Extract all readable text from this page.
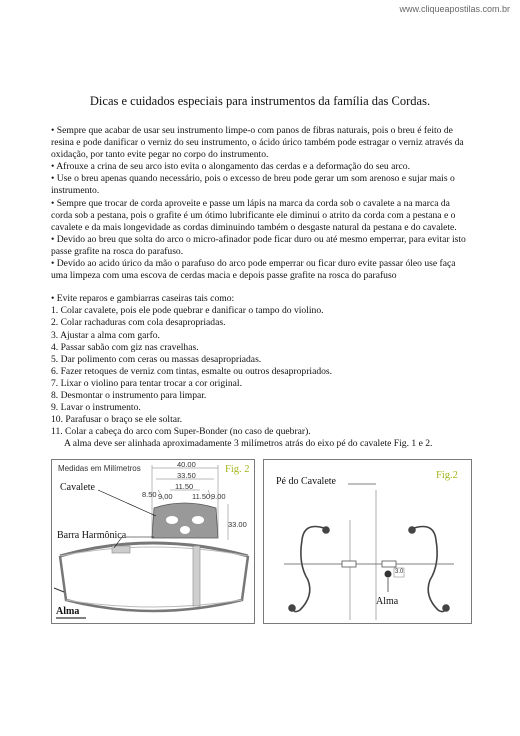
www.cliqueapostilas.com.br
Dicas e cuidados especiais para instrumentos da família das Cordas.

• Sempre que acabar de usar seu instrumento limpe-o com panos de fibras naturais, pois o breu é feito de resina e pode danificar o verniz do seu instrumento, o ácido úrico também pode estragar o verniz através da oxidação, por tanto evite pegar no corpo do instrumento.

• Afrouxe a crina de seu arco isto evita o alongamento das cerdas e a deformação do seu arco.

• Use o breu apenas quando necessário, pois o excesso de breu pode gerar um som arenoso e sujar mais o instrumento.

• Sempre que trocar de corda aproveite e passe um lápis na marca da corda sob o cavalete a na marca da corda sob a pestana, pois o grafite é um ótimo lubrificante ele diminui o atrito da corda com a pestana e o cavalete e da mais longevidade as cordas diminuindo também o desgaste natural da pestana e do cavalete.

• Devido ao breu que solta do arco o micro-afinador pode ficar duro ou até mesmo emperrar, para evitar isto passe grafite na rosca do parafuso.

• Devido ao acido úrico da mão o parafuso do arco pode emperrar ou ficar duro evite passar óleo use faça uma limpeza com uma escova de cerdas macia e depois passe grafite na rosca do parafuso

• Evite reparos e gambiarras caseiras tais como:

1. Colar cavalete, pois ele pode quebrar e danificar o tampo do violino.

2. Colar rachaduras com cola desapropriadas.

3. Ajustar a alma com garfo.

4. Passar sabão com giz nas cravelhas.

5. Dar polimento com ceras ou massas desapropriadas.

6. Fazer retoques de verniz com tintas, esmalte ou outros desapropriados.

7. Lixar o violino para tentar trocar a cor original.

8. Desmontar o instrumento para limpar.

9. Lavar o instrumento.

10. Parafusar o braço se ele soltar.

11. Colar a cabeça do arco com Super-Bonder (no caso de quebrar).

A alma deve ser alinhada aproximadamente 3 milímetros atrás do eixo pé do cavalete Fig. 1 e 2.

Medidas em Milímetros	Fig. 2
Cavalete
Barra Harmônica
Alma
40.00
33.50
11.50
9.00
8.50	11.50
9.00
33.00
Pé do Cavalete
Fig.2
Alma
3.0
